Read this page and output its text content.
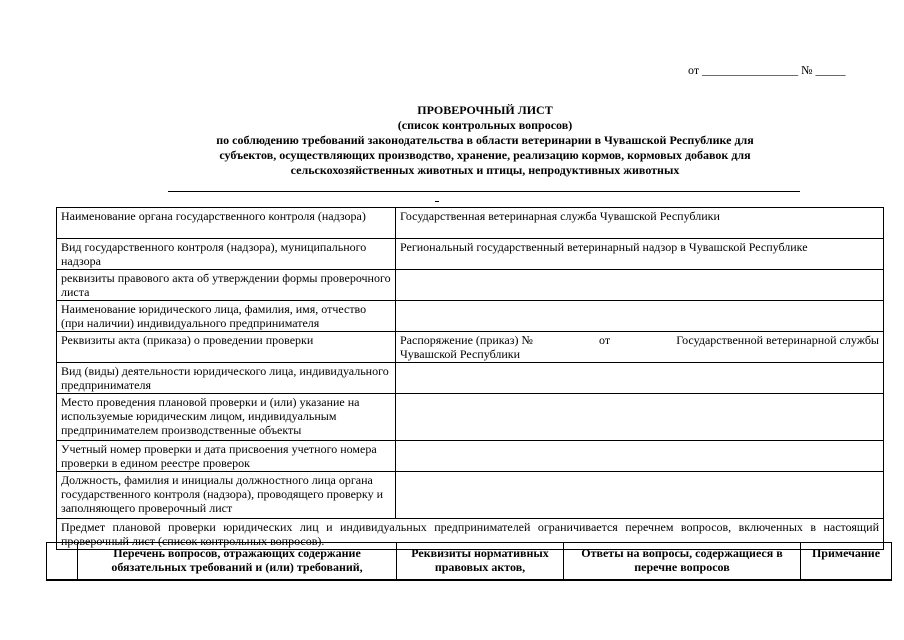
от ________________ № _____
ПРОВЕРОЧНЫЙ ЛИСТ
(список контрольных вопросов)
по соблюдению требований законодательства в области ветеринарии в Чувашской Республике для
субъектов, осуществляющих производство, хранение, реализацию кормов, кормовых добавок для
сельскохозяйственных животных и птицы, непродуктивных животных
Наименование органа государственного контроля (надзора)	Государственная ветеринарная служба Чувашской Республики
Вид государственного контроля (надзора), муниципального надзора	Региональный государственный ветеринарный надзор в Чувашской Республике
реквизиты правового акта об утверждении формы проверочного листа	
Наименование юридического лица, фамилия, имя, отчество (при наличии) индивидуального предпринимателя	
Реквизиты акта (приказа) о проведении проверки	Распоряжение (приказ) № от Государственной ветеринарной службы
Чувашской Республики

Вид (виды) деятельности юридического лица, индивидуального предпринимателя	
Место проведения плановой проверки и (или) указание на используемые юридическим лицом, индивидуальным предпринимателем производственные объекты	
Учетный номер проверки и дата присвоения учетного номера проверки в едином реестре проверок	
Должность, фамилия и инициалы должностного лица органа государственного контроля (надзора), проводящего проверку и заполняющего проверочный лист	
Предмет плановой проверки юридических лиц и индивидуальных предпринимателей ограничивается перечнем вопросов, включенных в настоящий проверочный лист (список контрольных вопросов).	
	Перечень вопросов, отражающих содержание обязательных требований и (или) требований,	Реквизиты нормативных правовых актов,	Ответы на вопросы, содержащиеся в перечне вопросов	Примечание
